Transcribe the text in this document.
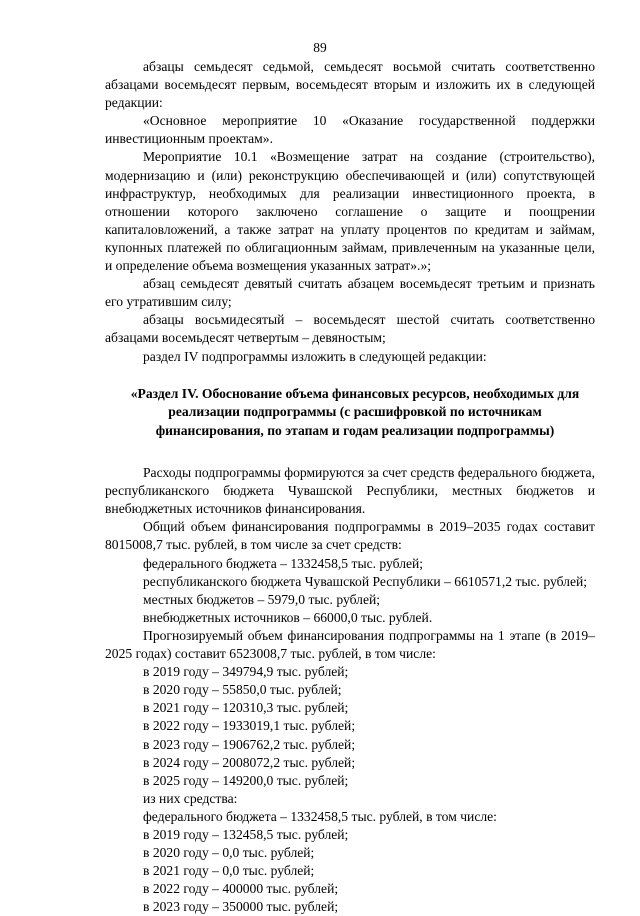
89

абзацы семьдесят седьмой, семьдесят восьмой считать соответственно абзацами восемьдесят первым, восемьдесят вторым и изложить их в следующей редакции:

«Основное мероприятие 10 «Оказание государственной поддержки инвестиционным проектам».

Мероприятие 10.1 «Возмещение затрат на создание (строительство), модернизацию и (или) реконструкцию обеспечивающей и (или) сопутствующей инфраструктур, необходимых для реализации инвестиционного проекта, в отношении которого заключено соглашение о защите и поощрении капиталовложений, а также затрат на уплату процентов по кредитам и займам, купонных платежей по облигационным займам, привлеченным на указанные цели, и определение объема возмещения указанных затрат».»;

абзац семьдесят девятый считать абзацем восемьдесят третьим и признать его утратившим силу;

абзацы восьмидесятый – восемьдесят шестой считать соответственно абзацами восемьдесят четвертым – девяностым;

раздел IV подпрограммы изложить в следующей редакции:

«Раздел IV. Обоснование объема финансовых ресурсов, необходимых для реализации подпрограммы (с расшифровкой по источникам финансирования, по этапам и годам реализации подпрограммы)

Расходы подпрограммы формируются за счет средств федерального бюджета, республиканского бюджета Чувашской Республики, местных бюджетов и внебюджетных источников финансирования.

Общий объем финансирования подпрограммы в 2019–2035 годах составит 8015008,7 тыс. рублей, в том числе за счет средств:

федерального бюджета – 1332458,5 тыс. рублей;

республиканского бюджета Чувашской Республики – 6610571,2 тыс. рублей;

местных бюджетов – 5979,0 тыс. рублей;

внебюджетных источников – 66000,0 тыс. рублей.

Прогнозируемый объем финансирования подпрограммы на 1 этапе (в 2019–2025 годах) составит 6523008,7 тыс. рублей, в том числе:

в 2019 году – 349794,9 тыс. рублей;

в 2020 году – 55850,0 тыс. рублей;

в 2021 году – 120310,3 тыс. рублей;

в 2022 году – 1933019,1 тыс. рублей;

в 2023 году – 1906762,2 тыс. рублей;

в 2024 году – 2008072,2 тыс. рублей;

в 2025 году – 149200,0 тыс. рублей;

из них средства:

федерального бюджета – 1332458,5 тыс. рублей, в том числе:

в 2019 году – 132458,5 тыс. рублей;

в 2020 году – 0,0 тыс. рублей;

в 2021 году – 0,0 тыс. рублей;

в 2022 году – 400000 тыс. рублей;

в 2023 году – 350000 тыс. рублей;
